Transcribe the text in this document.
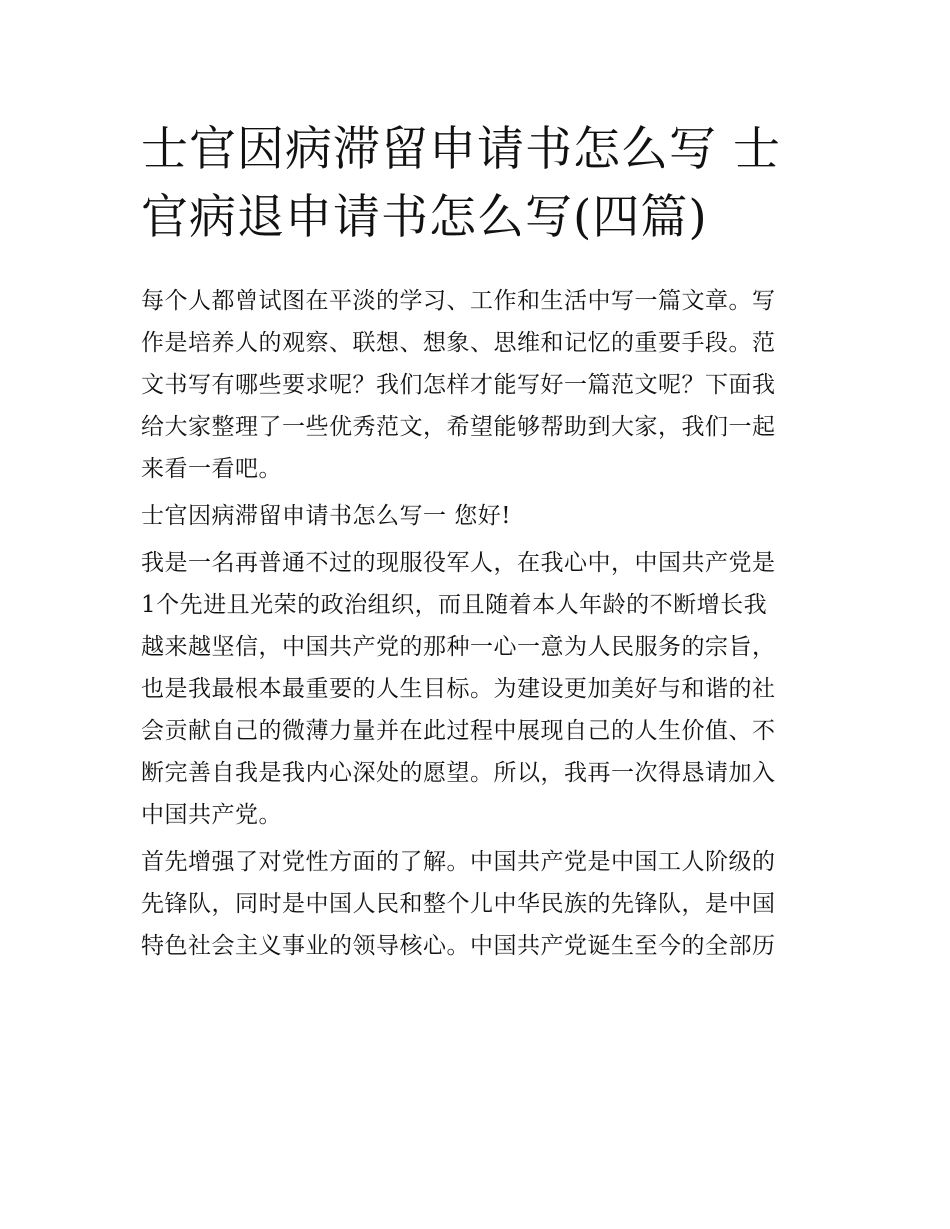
士官因病滞留申请书怎么写 士
官病退申请书怎么写(四篇)
每个人都曾试图在平淡的学习、工作和生活中写一篇文章。写
作是培养人的观察、联想、想象、思维和记忆的重要手段。范
文书写有哪些要求呢？我们怎样才能写好一篇范文呢？下面我
给大家整理了一些优秀范文，希望能够帮助到大家，我们一起
来看一看吧。
士官因病滞留申请书怎么写一 您好!
我是一名再普通不过的现服役军人，在我心中，中国共产党是
1个先进且光荣的政治组织，而且随着本人年龄的不断增长我
越来越坚信，中国共产党的那种一心一意为人民服务的宗旨，
也是我最根本最重要的人生目标。为建设更加美好与和谐的社
会贡献自己的微薄力量并在此过程中展现自己的人生价值、不
断完善自我是我内心深处的愿望。所以，我再一次得恳请加入
中国共产党。
首先增强了对党性方面的了解。中国共产党是中国工人阶级的
先锋队，同时是中国人民和整个儿中华民族的先锋队，是中国
特色社会主义事业的领导核心。中国共产党诞生至今的全部历
